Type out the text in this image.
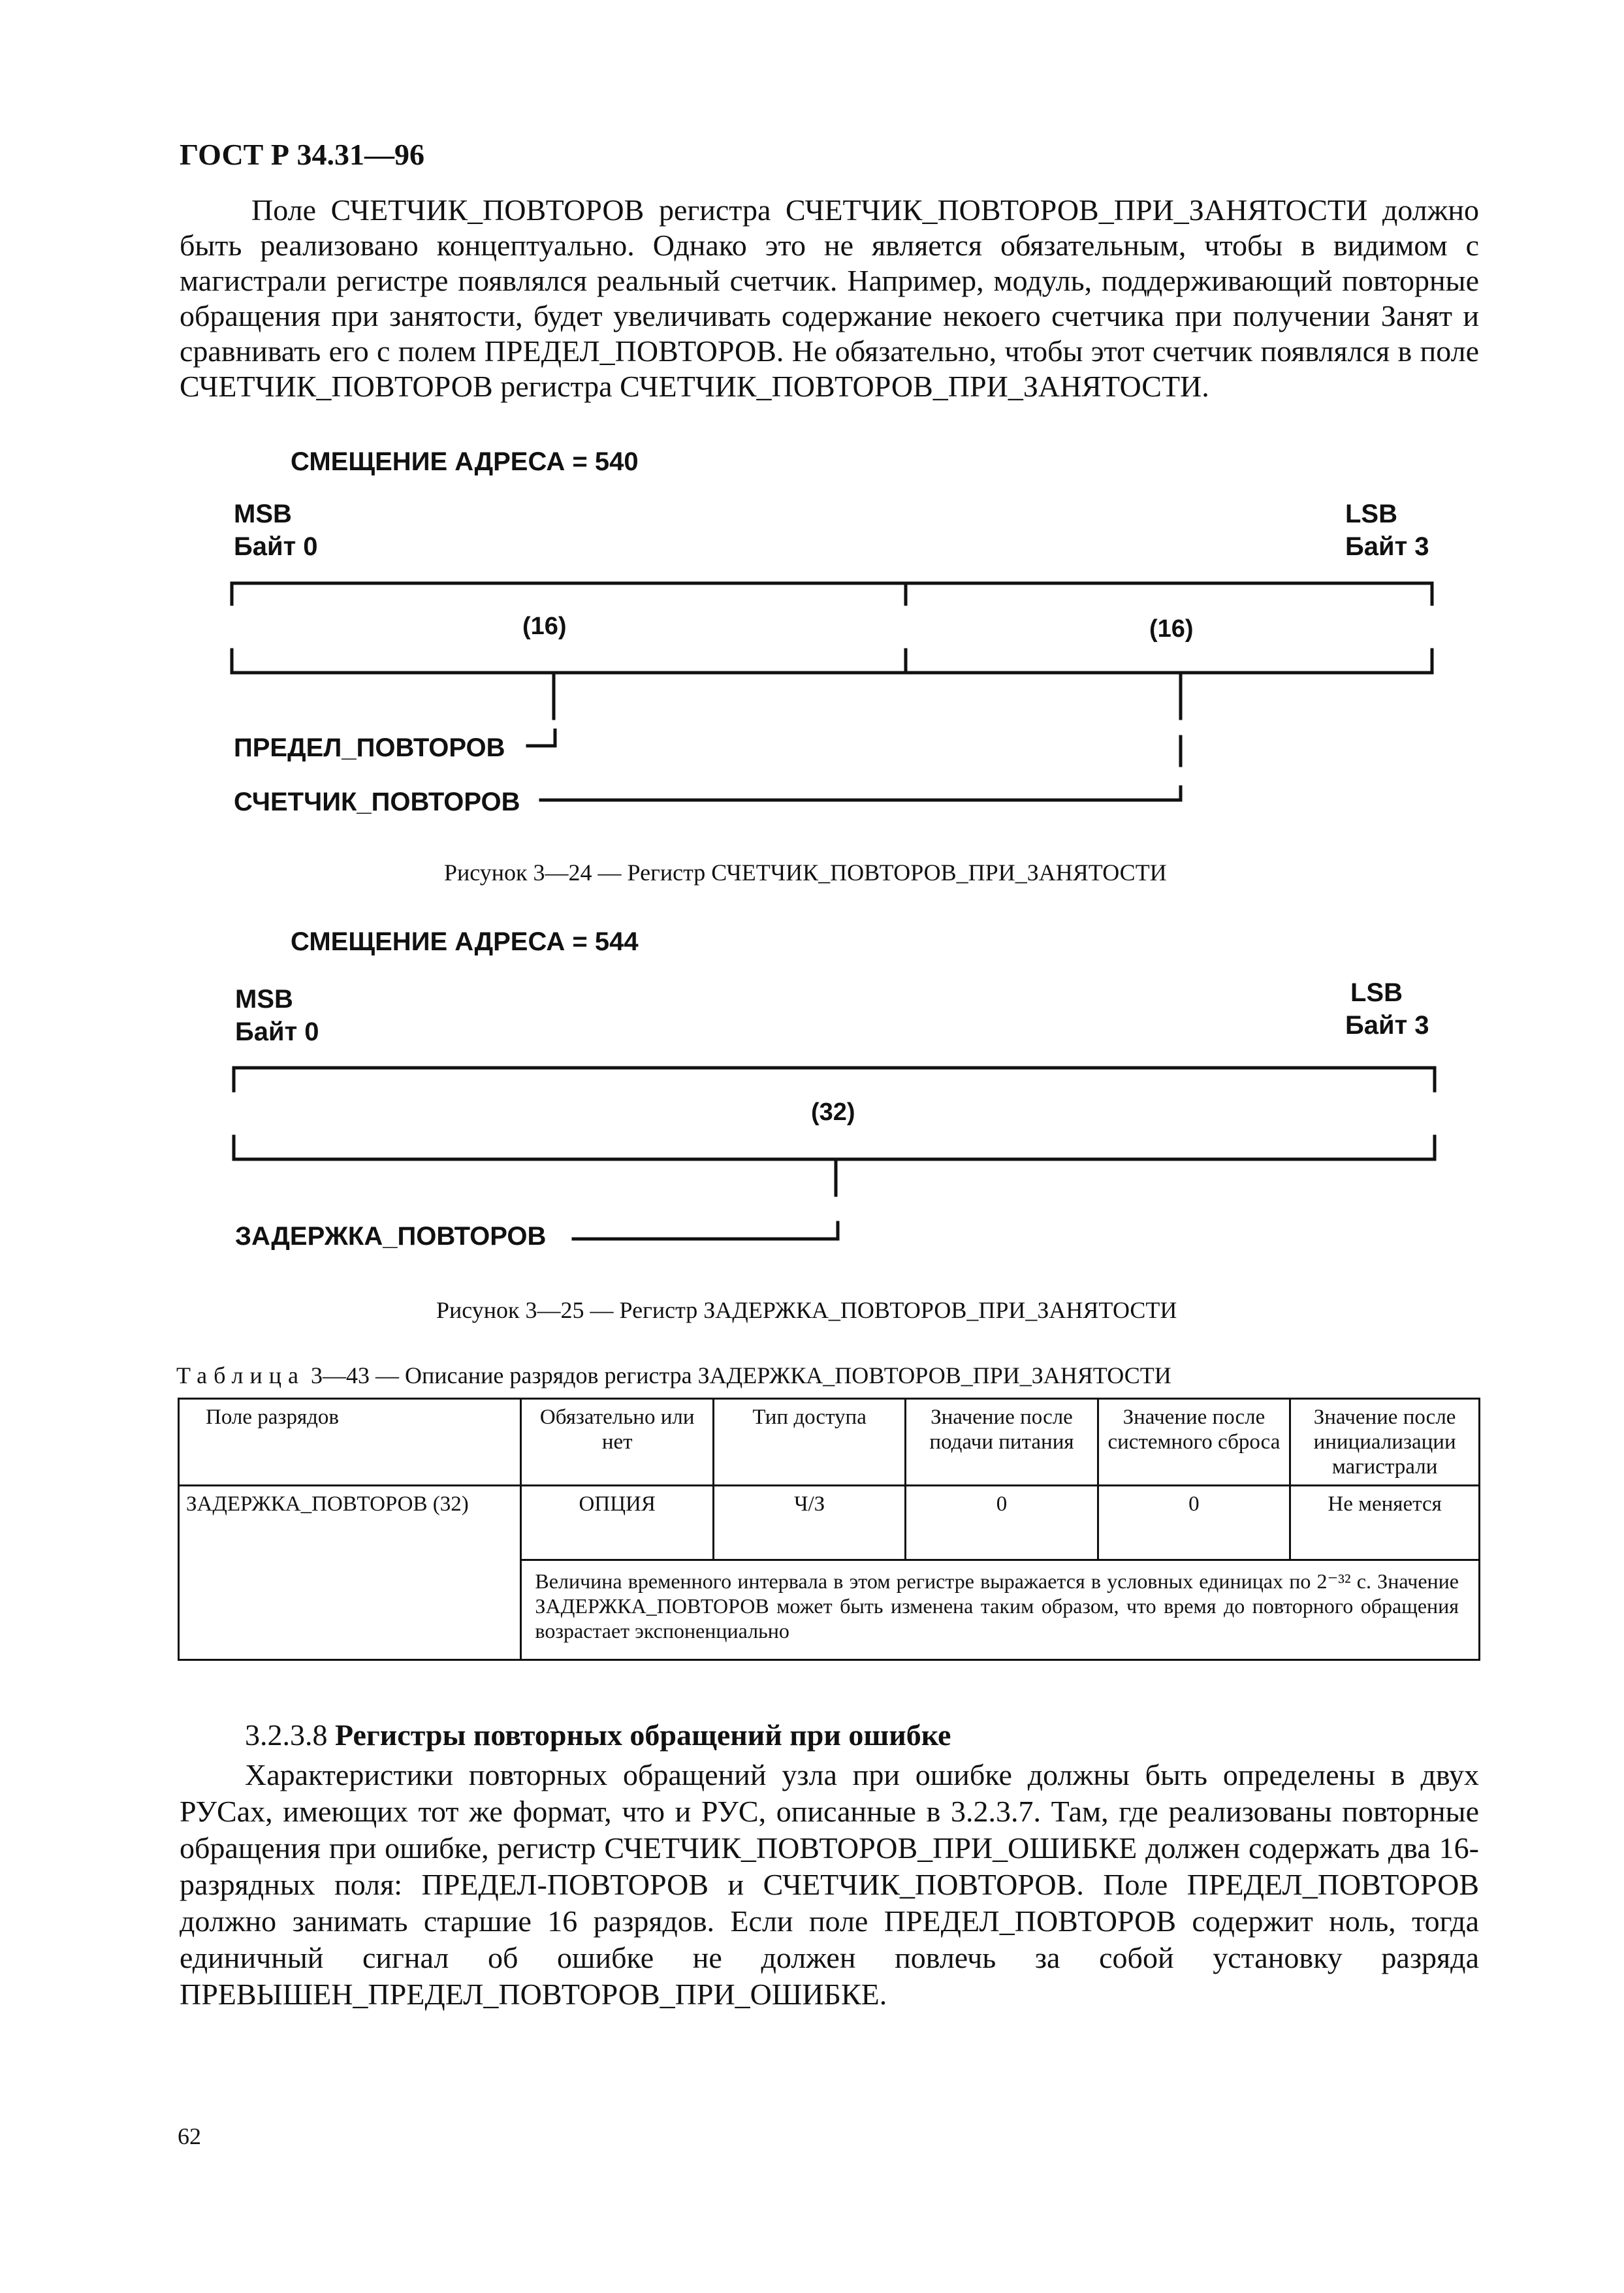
ГОСТ Р 34.31—96

Поле СЧЕТЧИК_ПОВТОРОВ регистра СЧЕТЧИК_ПОВТОРОВ_ПРИ_ЗАНЯТОСТИ должно быть реализовано концептуально. Однако это не является обязательным, чтобы в видимом с магистрали регистре появлялся реальный счетчик. Например, модуль, поддерживающий повторные обращения при занятости, будет увеличивать содержание некоего счетчика при получении Занят и сравнивать его с полем ПРЕДЕЛ_ПОВТОРОВ. Не обязательно, чтобы этот счетчик появлялся в поле СЧЕТЧИК_ПОВТОРОВ регистра СЧЕТЧИК_ПОВТОРОВ_ПРИ_ЗАНЯТОСТИ.

СМЕЩЕНИЕ АДРЕСА = 540
MSB
Байт 0
LSB
Байт 3
(16)	(16)
ПРЕДЕЛ_ПОВТОРОВ
СЧЕТЧИК_ПОВТОРОВ
Рисунок 3—24 — Регистр СЧЕТЧИК_ПОВТОРОВ_ПРИ_ЗАНЯТОСТИ
СМЕЩЕНИЕ АДРЕСА = 544
MSB
Байт 0
LSB
Байт 3
(32)
ЗАДЕРЖКА_ПОВТОРОВ
Рисунок 3—25 — Регистр ЗАДЕРЖКА_ПОВТОРОВ_ПРИ_ЗАНЯТОСТИ
Таблица 3—43 — Описание разрядов регистра ЗАДЕРЖКА_ПОВТОРОВ_ПРИ_ЗАНЯТОСТИ
Поле разрядов	Обязательно или нет	Тип доступа	Значение после подачи питания	Значение после системного сброса	Значение после инициализации магистрали
ЗАДЕРЖКА_ПОВТОРОВ (32)	ОПЦИЯ	Ч/З	0	0	Не меняется
	Величина временного интервала в этом регистре выражается в условных единицах по 2⁻³² с. Значение ЗАДЕРЖКА_ПОВТОРОВ может быть изменена таким образом, что время до повторного обращения возрастает экспоненциально				
3.2.3.8 Регистры повторных обращений при ошибке

Характеристики повторных обращений узла при ошибке должны быть определены в двух РУСах, имеющих тот же формат, что и РУС, описанные в 3.2.3.7. Там, где реализованы повторные обращения при ошибке, регистр СЧЕТЧИК_ПОВТОРОВ_ПРИ_ОШИБКЕ должен содержать два 16-разрядных поля: ПРЕДЕЛ-ПОВТОРОВ и СЧЕТЧИК_ПОВТОРОВ. Поле ПРЕДЕЛ_ПОВТОРОВ должно занимать старшие 16 разрядов. Если поле ПРЕДЕЛ_ПОВТОРОВ содержит ноль, тогда единичный сигнал об ошибке не должен повлечь за собой установку разряда ПРЕВЫШЕН_ПРЕДЕЛ_ПОВТОРОВ_ПРИ_ОШИБКЕ.

62
